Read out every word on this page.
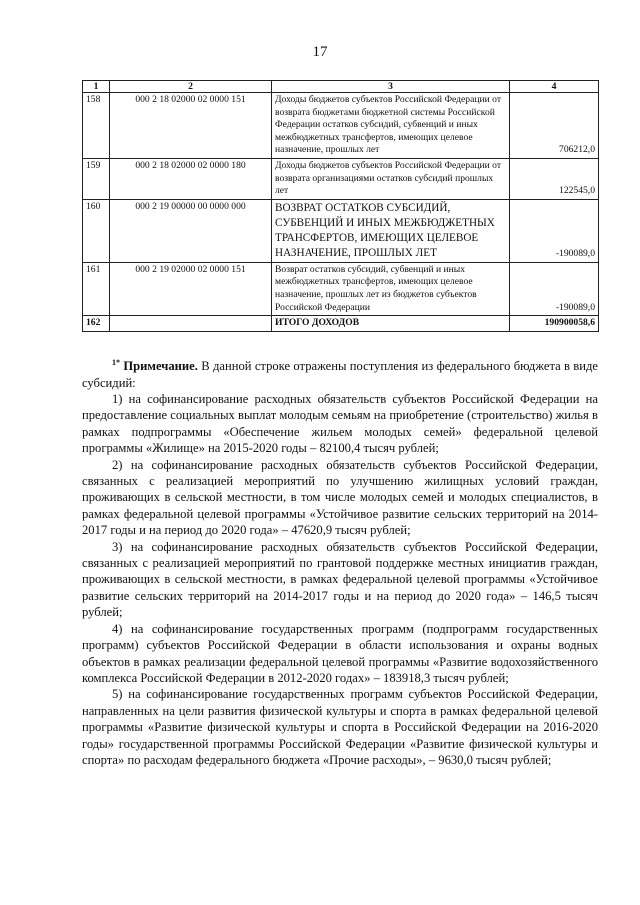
17
1	2	3	4
158	000 2 18 02000 02 0000 151	Доходы бюджетов субъектов Российской Федерации от возврата бюджетами бюджетной системы Российской Федерации остатков субсидий, субвенций и иных межбюджетных трансфертов, имеющих целевое назначение, прошлых лет	706212,0
159	000 2 18 02000 02 0000 180	Доходы бюджетов субъектов Российской Федерации от возврата организациями остатков субсидий прошлых лет	122545,0
160	000 2 19 00000 00 0000 000	ВОЗВРАТ ОСТАТКОВ СУБСИДИЙ, СУБВЕНЦИЙ И ИНЫХ МЕЖБЮДЖЕТНЫХ ТРАНСФЕРТОВ, ИМЕЮЩИХ ЦЕЛЕВОЕ НАЗНАЧЕНИЕ, ПРОШЛЫХ ЛЕТ	-190089,0
161	000 2 19 02000 02 0000 151	Возврат остатков субсидий, субвенций и иных межбюджетных трансфертов, имеющих целевое назначение, прошлых лет из бюджетов субъектов Российской Федерации	-190089,0
162		ИТОГО ДОХОДОВ	190900058,6

$^{1*}$ Примечание. В данной строке отражены поступления из федерального бюджета в виде субсидий:

1) на софинансирование расходных обязательств субъектов Российской Федерации на предоставление социальных выплат молодым семьям на приобретение (строительство) жилья в рамках подпрограммы «Обеспечение жильем молодых семей» федеральной целевой программы «Жилище» на 2015-2020 годы – 82100,4 тысяч рублей;

2) на софинансирование расходных обязательств субъектов Российской Федерации, связанных с реализацией мероприятий по улучшению жилищных условий граждан, проживающих в сельской местности, в том числе молодых семей и молодых специалистов, в рамках федеральной целевой программы «Устойчивое развитие сельских территорий на 2014-2017 годы и на период до 2020 года» – 47620,9 тысяч рублей;

3) на софинансирование расходных обязательств субъектов Российской Федерации, связанных с реализацией мероприятий по грантовой поддержке местных инициатив граждан, проживающих в сельской местности, в рамках федеральной целевой программы «Устойчивое развитие сельских территорий на 2014-2017 годы и на период до 2020 года» – 146,5 тысяч рублей;

4) на софинансирование государственных программ (подпрограмм государственных программ) субъектов Российской Федерации в области использования и охраны водных объектов в рамках реализации федеральной целевой программы «Развитие водохозяйственного комплекса Российской Федерации в 2012-2020 годах» – 183918,3 тысяч рублей;

5) на софинансирование государственных программ субъектов Российской Федерации, направленных на цели развития физической культуры и спорта в рамках федеральной целевой программы «Развитие физической культуры и спорта в Российской Федерации на 2016-2020 годы» государственной программы Российской Федерации «Развитие физической культуры и спорта» по расходам федерального бюджета «Прочие расходы», – 9630,0 тысяч рублей;
